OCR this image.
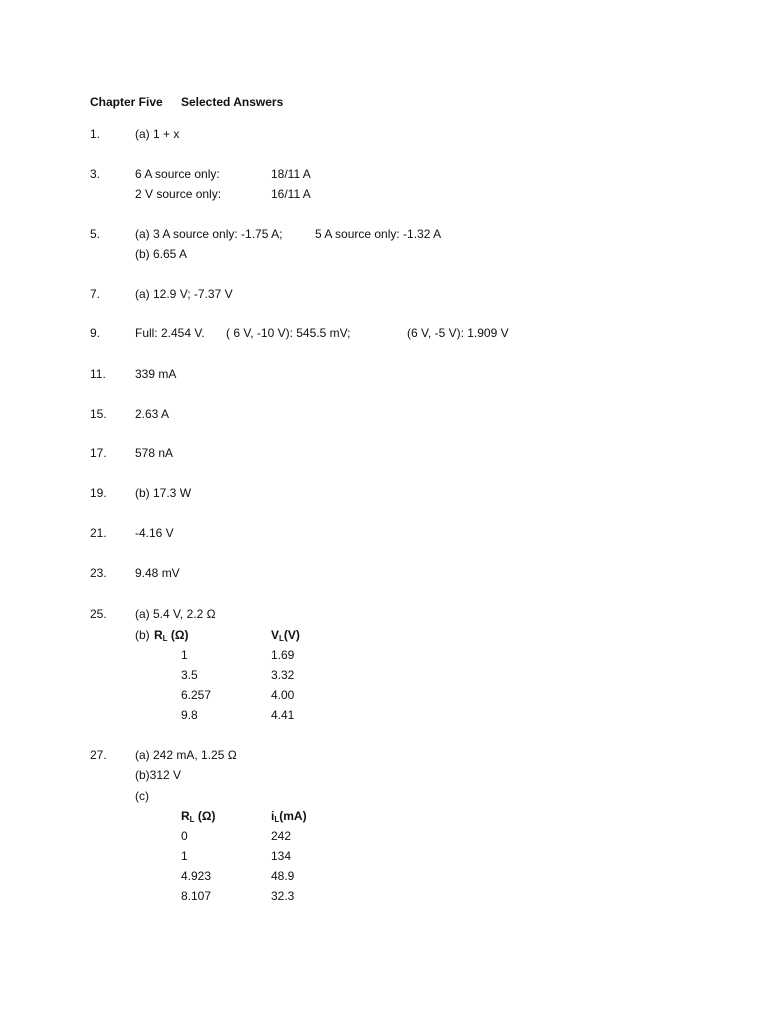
Chapter Five Selected Answers
1.	(a) 1 + x
3.	6 A source only:	18/11 A
2 V source only:	16/11 A
5.	(a) 3 A source only: -1.75 A;	5 A source only: -1.32 A
(b) 6.65 A
7.	(a) 12.9 V; -7.37 V
9.	Full: 2.454 V. ( 6 V, -10 V): 545.5 mV;	(6 V, -5 V): 1.909 V
11. 339 mA
15. 2.63 A
17. 578 nA
19. (b) 17.3 W
21. -4.16 V
23. 9.48 mV
25. (a) 5.4 V, 2.2 Ω
(b) $R_L$ (Ω)	$V_L(V)$
1	1.69
3.5	3.32
6.257	4.00
9.8	4.41
27. (a) 242 mA, 1.25 Ω
(b)312 V
(c)
$R_L$ (Ω)	$i_L(mA)$
0	242
1	134
4.923	48.9
8.107	32.3
